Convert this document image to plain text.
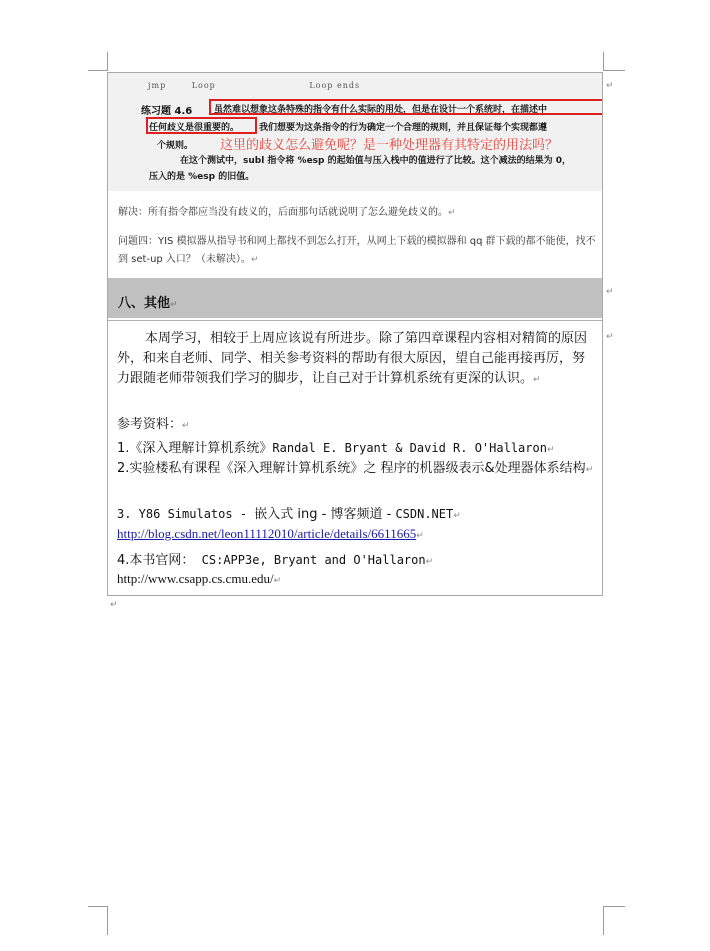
↵
↵
↵
↵
jmp	Loop	Loop ends
练习题 4.6 虽然难以想象这条特殊的指令有什么实际的用处，但是在设计一个系统时，在描述中
任何歧义是很重要的。 我们想要为这条指令的行为确定一个合理的规则，并且保证每个实现都遵
个规则。
在这个测试中，subl 指令将 %esp 的起始值与压入栈中的值进行了比较。这个减法的结果为 0，
压入的是 %esp 的旧值。
这里的歧义怎么避免呢？是一种处理器有其特定的用法吗？
解决：所有指令都应当没有歧义的，后面那句话就说明了怎么避免歧义的。↵
问题四：YIS 模拟器从指导书和网上都找不到怎么打开，从网上下载的模拟器和 qq 群下载的都不能使，找不到 set-up 入口？（未解决）。↵
八、其他↵
本周学习，相较于上周应该说有所进步。除了第四章课程内容相对精简的原因外，和来自老师、同学、相关参考资料的帮助有很大原因，望自己能再接再厉，努力跟随老师带领我们学习的脚步，让自己对于计算机系统有更深的认识。↵
参考资料：↵
1.《深入理解计算机系统》Randal E. Bryant & David R. O'Hallaron↵
2.实验楼私有课程《深入理解计算机系统》之 程序的机器级表示&处理器体系结构↵
3. Y86 Simulatos - 嵌入式 ing - 博客频道 - CSDN.NET↵
http://blog.csdn.net/leon11112010/article/details/6611665↵
4.本书官网： CS:APP3e, Bryant and O'Hallaron↵
http://www.csapp.cs.cmu.edu/↵
